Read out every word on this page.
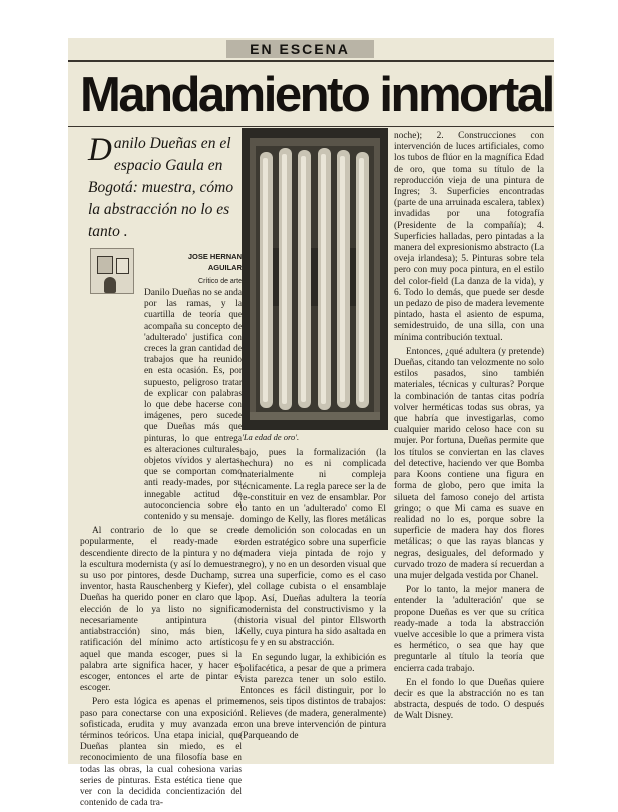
EN ESCENA
Mandamiento inmortal
Danilo Dueñas en el espacio Gaula en Bogotá: muestra, cómo la abstracción no lo es tanto .
JOSE HERNAN
AGUILAR
Crítico de arte
'La edad de oro'.

Danilo Dueñas no se anda por las ramas, y la cuartilla de teoría que acompaña su concepto de 'adulterado' justifica con creces la gran cantidad de trabajos que ha reunido en esta ocasión. Es, por supuesto, peligroso tratar de explicar con palabras lo que debe hacerse con imágenes, pero sucede que Dueñas más que pinturas, lo que entrega es alteraciones culturales, objetos vívidos y alertas, que se comportan como anti ready-mades, por su innegable actitud de autoconciencia sobre el contenido y su mensaje.

Al contrario de lo que se cree popularmente, el ready-made es descendiente directo de la pintura y no de la escultura modernista (y así lo demuestra su uso por pintores, desde Duchamp, su inventor, hasta Rauschenberg y Kiefer), y Dueñas ha querido poner en claro que la elección de lo ya listo no significa necesariamente antipintura (o antiabstracción) sino, más bien, la ratificación del mínimo acto artístico, aquel que manda escoger, pues si la palabra arte significa hacer, y hacer es escoger, entonces el arte de pintar es escoger.

Pero esta lógica es apenas el primer paso para conectarse con una exposición sofisticada, erudita y muy avanzada en términos teóricos. Una etapa inicial, que Dueñas plantea sin miedo, es el reconocimiento de una filosofía base en todas las obras, la cual cohesiona varias series de pinturas. Esta estética tiene que ver con la decidida concientización del contenido de cada tra-

bajo, pues la formalización (la hechura) no es ni complicada materialmente ni compleja técnicamente. La regla parece ser la de re-constituir en vez de ensamblar. Por lo tanto en un 'adulterado' como El domingo de Kelly, las flores metálicas de demolición son colocadas en un orden estratégico sobre una superficie (madera vieja pintada de rojo y negro), y no en un desorden visual que crea una superficie, como es el caso del collage cubista o el ensamblaje pop. Así, Dueñas adultera la teoría modernista del constructivismo y la historia visual del pintor Ellsworth Kelly, cuya pintura ha sido asaltada en su fe y en su abstracción.

En segundo lugar, la exhibición es polifacética, a pesar de que a primera vista parezca tener un solo estilo. Entonces es fácil distinguir, por lo menos, seis tipos distintos de trabajos: 1. Relieves (de madera, generalmente) con una breve intervención de pintura (Parqueando de

noche); 2. Construcciones con intervención de luces artificiales, como los tubos de flúor en la magnífica Edad de oro, que toma su título de la reproducción vieja de una pintura de Ingres; 3. Superficies encontradas (parte de una arruinada escalera, tablex) invadidas por una fotografía (Presidente de la compañía); 4. Superficies halladas, pero pintadas a la manera del expresionismo abstracto (La oveja irlandesa); 5. Pinturas sobre tela pero con muy poca pintura, en el estilo del color-field (La danza de la vida), y 6. Todo lo demás, que puede ser desde un pedazo de piso de madera levemente pintado, hasta el asiento de espuma, semidestruido, de una silla, con una mínima contribución textual.

Entonces, ¿qué adultera (y pretende) Dueñas, citando tan velozmente no solo estilos pasados, sino también materiales, técnicas y culturas? Porque la combinación de tantas citas podría volver herméticas todas sus obras, ya que habría que investigarlas, como cualquier marido celoso hace con su mujer. Por fortuna, Dueñas permite que los títulos se conviertan en las claves del detective, haciendo ver que Bomba para Koons contiene una figura en forma de globo, pero que imita la silueta del famoso conejo del artista gringo; o que Mi cama es suave en realidad no lo es, porque sobre la superficie de madera hay dos flores metálicas; o que las rayas blancas y negras, desiguales, del deformado y curvado trozo de madera sí recuerdan a una mujer delgada vestida por Chanel.

Por lo tanto, la mejor manera de entender la 'adulteración' que se propone Dueñas es ver que su crítica ready-made a toda la abstracción vuelve accesible lo que a primera vista es hermético, o sea que hay que preguntarle al título la teoría que encierra cada trabajo.

En el fondo lo que Dueñas quiere decir es que la abstracción no es tan abstracta, después de todo. O después de Walt Disney.
